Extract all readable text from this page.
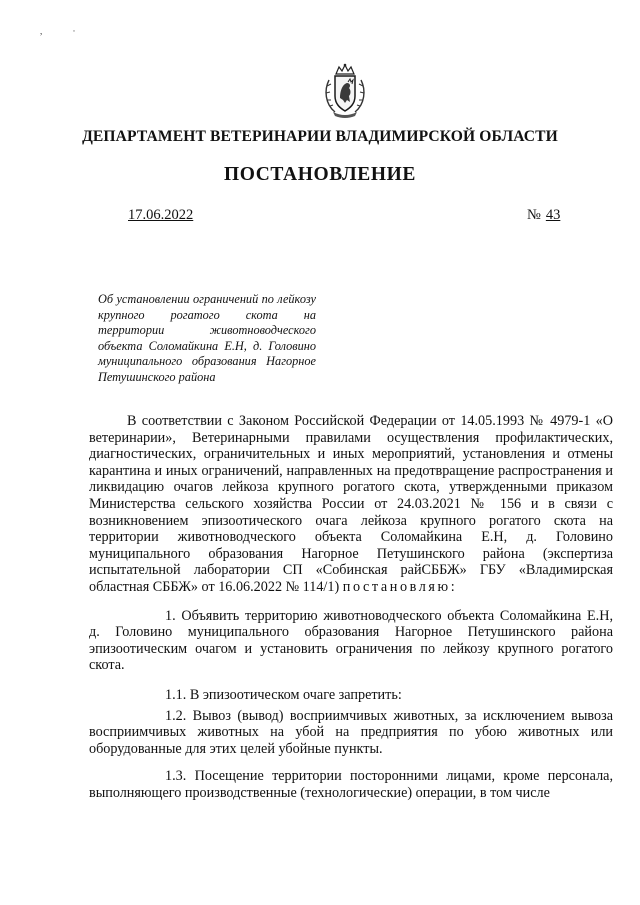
, ·
ДЕПАРТАМЕНТ ВЕТЕРИНАРИИ ВЛАДИМИРСКОЙ ОБЛАСТИ
ПОСТАНОВЛЕНИЕ
17.06.2022	№ 43
Об установлении ограничений по лейкозу крупного рогатого скота на территории животноводческого объекта Соломайкина Е.Н, д. Головино муниципального образования Нагорное Петушинского района

В соответствии с Законом Российской Федерации от 14.05.1993 № 4979-1 «О ветеринарии», Ветеринарными правилами осуществления профилактических, диагностических, ограничительных и иных мероприятий, установления и отмены карантина и иных ограничений, направленных на предотвращение распространения и ликвидацию очагов лейкоза крупного рогатого скота, утвержденными приказом Министерства сельского хозяйства России от 24.03.2021 № 156 и в связи с возникновением эпизоотического очага лейкоза крупного рогатого скота на территории животноводческого объекта Соломайкина Е.Н, д. Головино муниципального образования Нагорное Петушинского района (экспертиза испытательной лаборатории СП «Собинская райСББЖ» ГБУ «Владимирская областная СББЖ» от 16.06.2022 № 114/1) постановляю:

1. Объявить территорию животноводческого объекта Соломайкина Е.Н, д. Головино муниципального образования Нагорное Петушинского района эпизоотическим очагом и установить ограничения по лейкозу крупного рогатого скота.

1.1. В эпизоотическом очаге запретить:

1.2. Вывоз (вывод) восприимчивых животных, за исключением вывоза восприимчивых животных на убой на предприятия по убою животных или оборудованные для этих целей убойные пункты.

1.3. Посещение территории посторонними лицами, кроме персонала, выполняющего производственные (технологические) операции, в том числе
